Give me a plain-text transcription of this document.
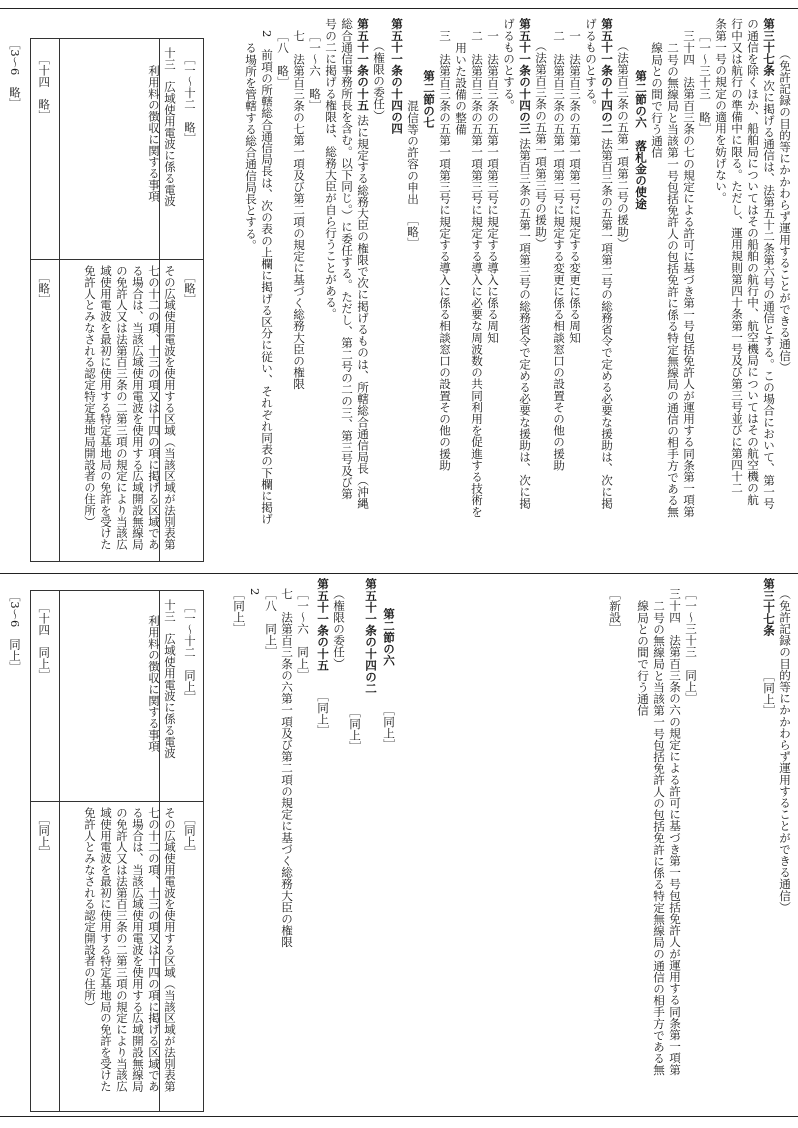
（免許記録の目的等にかかわらず運用することができる通信）
第三十七条 次に掲げる通信は、法第五十二条第六号の通信とする。この場合において、第一号
の通信を除くほか、船舶局についてはその船舶の航行中、航空機局についてはその航空機の航
行中又は航行の準備中に限る。ただし、運用規則第四十条第一号及び第三号並びに第四十二
条第一号の規定の適用を妨げない。
［一～三十三　略］
三十四　法第百三条の七の規定による許可に基づき第一号包括免許人が運用する同条第一項第
二号の無線局と当該第一号包括免許人の包括免許に係る特定無線局の通信の相手方である無
線局との間で行う通信
第二節の六　落札金の使途
（法第百三条の五第一項第二号の援助）
第五十一条の十四の二 法第百三条の五第一項第二号の総務省令で定める必要な援助は、次に掲
げるものとする。
一　法第百三条の五第一項第二号に規定する変更に係る周知
二　法第百三条の五第一項第二号に規定する変更に係る相談窓口の設置その他の援助
（法第百三条の五第一項第三号の援助）
第五十一条の十四の三 法第百三条の五第一項第三号の総務省令で定める必要な援助は、次に掲
げるものとする。
一　法第百三条の五第一項第三号に規定する導入に係る周知
二　法第百三条の五第一項第三号に規定する導入に必要な周波数の共同利用を促進する技術を
用いた設備の整備
三　法第百三条の五第一項第三号に規定する導入に係る相談窓口の設置その他の援助
第二節の七
混信等の許容の申出 ［略］
第五十一条の十四の四
（権限の委任）
第五十一条の十五 法に規定する総務大臣の権限で次に掲げるものは、所轄総合通信局長（沖縄
総合通信事務所長を含む。以下同じ。）に委任する。ただし、第二号の二の三、第三号及び第
号の二に掲げる権限は、総務大臣が自ら行うことがある。
［一～六　略］
七　法第百三条の七第一項及び第二項の規定に基づく総務大臣の権限
［八　略］
2　前項の所轄総合通信局長は、次の表の上欄に掲げる区分に従い、それぞれ同表の下欄に掲げ
る場所を管轄する総合通信局長とする。
［一～十二　略］
［略］
十三　広域使用電波に係る電波
利用料の徴収に関する事項
その広域使用電波を使用する区域（当該区域が法別表第
七の十二の項、十三の項又は十四の項に掲げる区域であ
る場合は、当該広域使用電波を使用する広域開設無線局
の免許人又は法第百三条の二第三項の規定により当該広
域使用電波を最初に使用する特定基地局の免許を受けた
免許人とみなされる認定特定基地局開設者の住所）
［十四　略］
［略］
［3～6　略］
（免許記録の目的等にかかわらず運用することができる通信）
第三十七条
［同上］
［一～三十三　同上］
三十四　法第百三条の六の規定による許可に基づき第一号包括免許人が運用する同条第一項第
二号の無線局と当該第一号包括免許人の包括免許に係る特定無線局の通信の相手方である無
線局との間で行う通信
［新設］
第二節の六
［同上］
第五十一条の十四の二
［同上］
（権限の委任）
第五十一条の十五
［同上］
［一～六　同上］
七　法第百三条の六第一項及び第二項の規定に基づく総務大臣の権限
［八　同上］
2
［同上］
［一～十二　同上］
［同上］
十三　広域使用電波に係る電波
利用料の徴収に関する事項
その広域使用電波を使用する区域（当該区域が法別表第
七の十二の項、十三の項又は十四の項に掲げる区域であ
る場合は、当該広域使用電波を使用する広域開設無線局
の免許人又は法第百三条の二第三項の規定により当該広
域使用電波を最初に使用する特定基地局の免許を受けた
免許人とみなされる認定開設者の住所）
［十四　同上］
［同上］
［3～6　同上］
